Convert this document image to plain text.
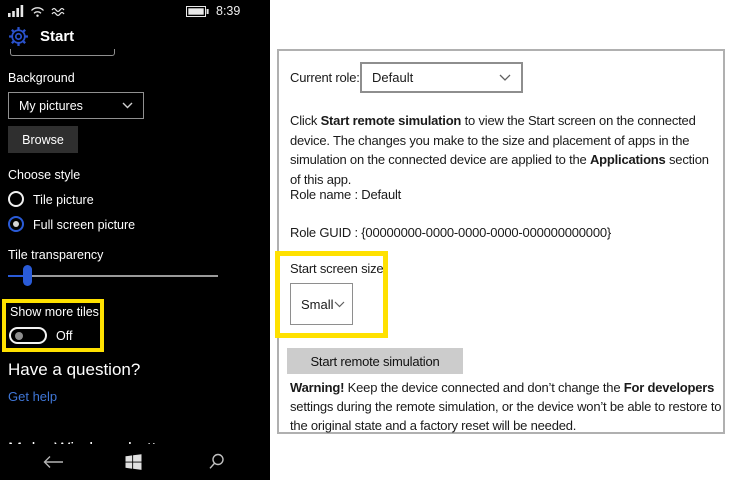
8:39
Start
Background
My pictures
Browse
Choose style
Tile picture
Full screen picture
Tile transparency
Show more tiles
Off
Have a question?
Get help
Current role: Default
Click Start remote simulation to view the Start screen on the connected device. The changes you make to the size and placement of apps in the simulation on the connected device are applied to the Applications section of this app.
Role name : Default
Role GUID : {00000000-0000-0000-0000-000000000000}
Start screen size
Small
Start remote simulation
Warning! Keep the device connected and don’t change the For developers settings during the remote simulation, or the device won’t be able to restore to the original state and a factory reset will be needed.
